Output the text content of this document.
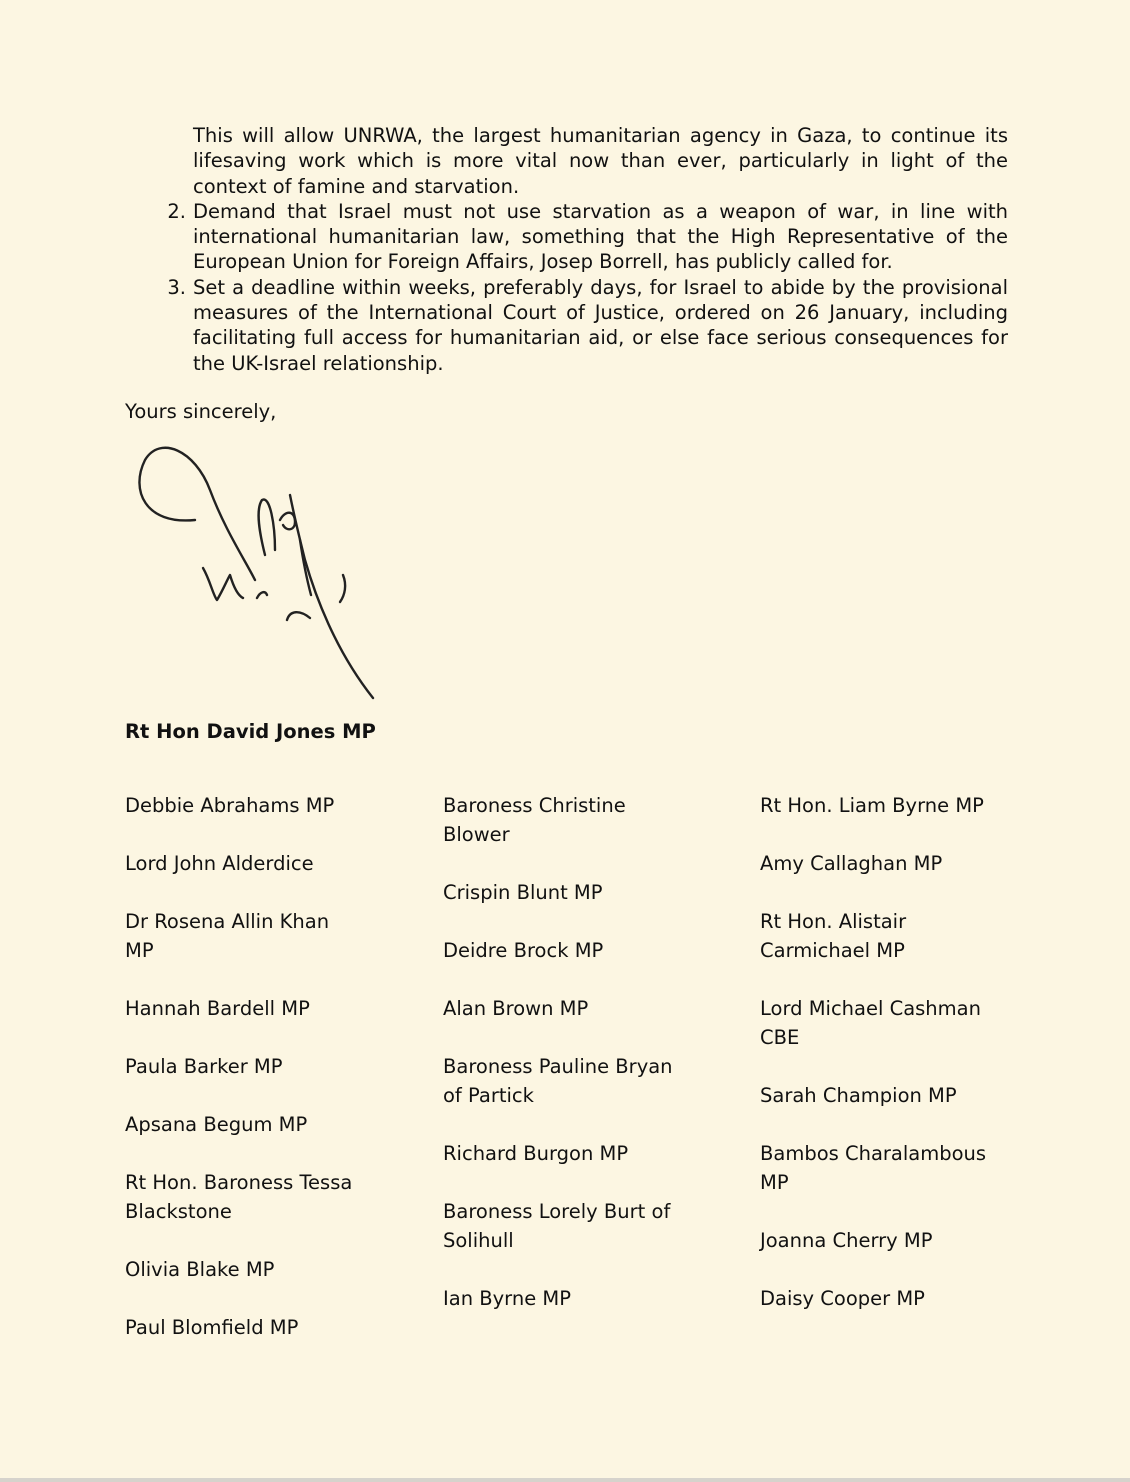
This will allow UNRWA, the largest humanitarian agency in Gaza, to continue its lifesaving work which is more vital now than ever, particularly in light of the context of famine and starvation.
2. Demand that Israel must not use starvation as a weapon of war, in line with international humanitarian law, something that the High Representative of the European Union for Foreign Affairs, Josep Borrell, has publicly called for.
3. Set a deadline within weeks, preferably days, for Israel to abide by the provisional measures of the International Court of Justice, ordered on 26 January, including facilitating full access for humanitarian aid, or else face serious consequences for the UK-Israel relationship.
Yours sincerely,
Rt Hon David Jones MP
Debbie Abrahams MP
Lord John Alderdice
Dr Rosena Allin Khan MP
Hannah Bardell MP
Paula Barker MP
Apsana Begum MP
Rt Hon. Baroness Tessa Blackstone
Olivia Blake MP
Paul Blomfield MP
Baroness Christine Blower
Crispin Blunt MP
Deidre Brock MP
Alan Brown MP
Baroness Pauline Bryan of Partick
Richard Burgon MP
Baroness Lorely Burt of Solihull
Ian Byrne MP
Rt Hon. Liam Byrne MP
Amy Callaghan MP
Rt Hon. Alistair Carmichael MP
Lord Michael Cashman CBE
Sarah Champion MP
Bambos Charalambous MP
Joanna Cherry MP
Daisy Cooper MP
